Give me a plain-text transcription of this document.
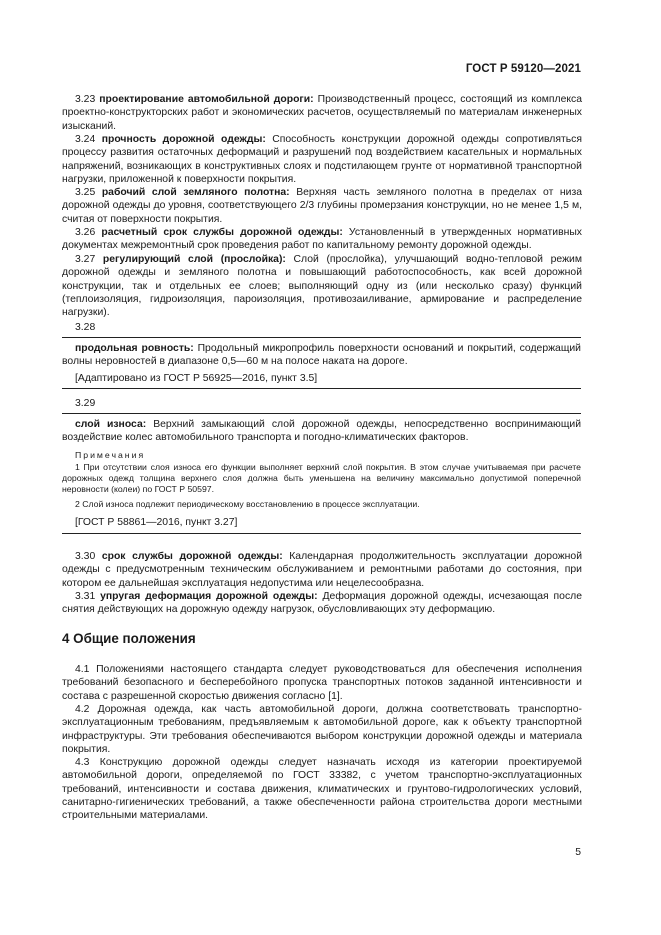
ГОСТ Р 59120—2021

3.23 проектирование автомобильной дороги: Производственный процесс, состоящий из комплекса проектно-конструкторских работ и экономических расчетов, осуществляемый по материалам инженерных изысканий.

3.24 прочность дорожной одежды: Способность конструкции дорожной одежды сопротивляться процессу развития остаточных деформаций и разрушений под воздействием касательных и нормальных напряжений, возникающих в конструктивных слоях и подстилающем грунте от нормативной транспортной нагрузки, приложенной к поверхности покрытия.

3.25 рабочий слой земляного полотна: Верхняя часть земляного полотна в пределах от низа дорожной одежды до уровня, соответствующего 2/3 глубины промерзания конструкции, но не менее 1,5 м, считая от поверхности покрытия.

3.26 расчетный срок службы дорожной одежды: Установленный в утвержденных нормативных документах межремонтный срок проведения работ по капитальному ремонту дорожной одежды.

3.27 регулирующий слой (прослойка): Слой (прослойка), улучшающий водно-тепловой режим дорожной одежды и земляного полотна и повышающий работоспособность, как всей дорожной конструкции, так и отдельных ее слоев; выполняющий одну из (или несколько сразу) функций (теплоизоляция, гидроизоляция, пароизоляция, противозаиливание, армирование и распределение нагрузки).

3.28

продольная ровность: Продольный микропрофиль поверхности оснований и покрытий, содержащий волны неровностей в диапазоне 0,5—60 м на полосе наката на дороге.

[Адаптировано из ГОСТ Р 56925—2016, пункт 3.5]

3.29

слой износа: Верхний замыкающий слой дорожной одежды, непосредственно воспринимающий воздействие колес автомобильного транспорта и погодно-климатических факторов.

Примечания

1 При отсутствии слоя износа его функции выполняет верхний слой покрытия. В этом случае учитываемая при расчете дорожных одежд толщина верхнего слоя должна быть уменьшена на величину максимально допустимой поперечной неровности (колеи) по ГОСТ Р 50597.

2 Слой износа подлежит периодическому восстановлению в процессе эксплуатации.

[ГОСТ Р 58861—2016, пункт 3.27]

3.30 срок службы дорожной одежды: Календарная продолжительность эксплуатации дорожной одежды с предусмотренным техническим обслуживанием и ремонтными работами до состояния, при котором ее дальнейшая эксплуатация недопустима или нецелесообразна.

3.31 упругая деформация дорожной одежды: Деформация дорожной одежды, исчезающая после снятия действующих на дорожную одежду нагрузок, обусловливающих эту деформацию.

4 Общие положения

4.1 Положениями настоящего стандарта следует руководствоваться для обеспечения исполнения требований безопасного и бесперебойного пропуска транспортных потоков заданной интенсивности и состава с разрешенной скоростью движения согласно [1].

4.2 Дорожная одежда, как часть автомобильной дороги, должна соответствовать транспортно-эксплуатационным требованиям, предъявляемым к автомобильной дороге, как к объекту транспортной инфраструктуры. Эти требования обеспечиваются выбором конструкции дорожной одежды и материала покрытия.

4.3 Конструкцию дорожной одежды следует назначать исходя из категории проектируемой автомобильной дороги, определяемой по ГОСТ 33382, с учетом транспортно-эксплуатационных требований, интенсивности и состава движения, климатических и грунтово-гидрологических условий, санитарно-гигиенических требований, а также обеспеченности района строительства дороги местными строительными материалами.

5
